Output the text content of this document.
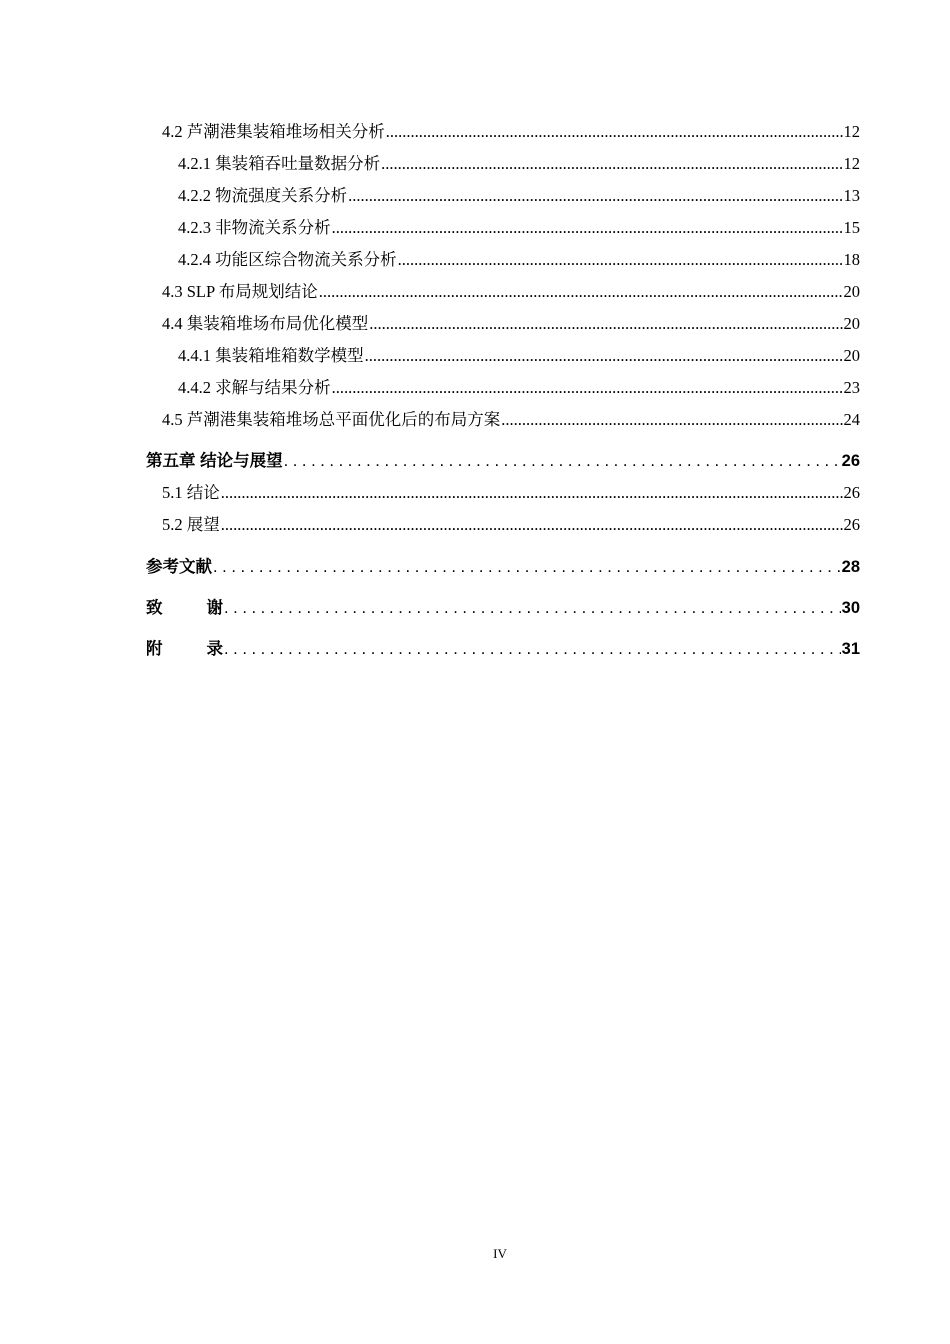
4.2 芦潮港集装箱堆场相关分析 .....	12
4.2.1 集装箱吞吐量数据分析 .....	12
4.2.2 物流强度关系分析 .....	13
4.2.3 非物流关系分析 .....	15
4.2.4 功能区综合物流关系分析 .....	18
4.3 SLP 布局规划结论 .....	20
4.4 集装箱堆场布局优化模型 .....	20
4.4.1 集装箱堆箱数学模型 .....	20
4.4.2 求解与结果分析 .....	23
4.5 芦潮港集装箱堆场总平面优化后的布局方案 .....	24
第五章 结论与展望 . . .	26
5.1 结论 .....	26
5.2 展望 .....	26
参考文献 . . .	28
致	谢 . . .	30
附	录 . . .	31
IV
